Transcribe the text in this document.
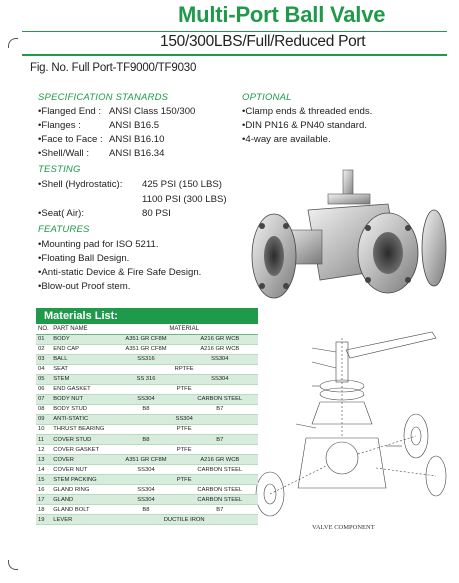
Multi-Port Ball Valve
150/300LBS/Full/Reduced Port
Fig. No. Full Port-TF9000/TF9030
SPECIFICATION STANARDS
•Flanged End : ANSI Class 150/300
•Flanges :	ANSI B16.5
•Face to Face : ANSI B16.10
•Shell/Wall : ANSI B16.34
TESTING
•Shell (Hydrostatic): 425 PSI (150 LBS)
1100 PSI (300 LBS)
•Seat( Air):	80 PSI
FEATURES
•Mounting pad for ISO 5211.
•Floating Ball Design.
•Anti-static Device & Fire Safe Design.
•Blow-out Proof stem.
OPTIONAL
•Clamp ends & threaded ends.
•DIN PN16 & PN40 standard.
•4-way are available.
VALVE COMPONENT
Materials List:
NO.	PART NAME	MATERIAL	
01	BODY	A351 GR CF8M	A216 GR WCB
02	END CAP	A351 GR CF8M	A216 GR WCB
03	BALL	SS316	SS304
04	SEAT	RPTFE	
05	STEM	SS 316	SS304
06	END GASKET	PTFE	
07	BODY NUT	SS304	CARBON STEEL
08	BODY STUD	B8	B7
09	ANTI-STATIC	SS304	
10	THRUST BEARING	PTFE	
11	COVER STUD	B8	B7
12	COVER GASKET	PTFE	
13	COVER	A351 GR CF8M	A216 GR WCB
14	COVER NUT	SS304	CARBON STEEL
15	STEM PACKING	PTFE	
16	GLAND RING	SS304	CARBON STEEL
17	GLAND	SS304	CARBON STEEL
18	GLAND BOLT	B8	B7
19	LEVER	DUCTILE IRON	
